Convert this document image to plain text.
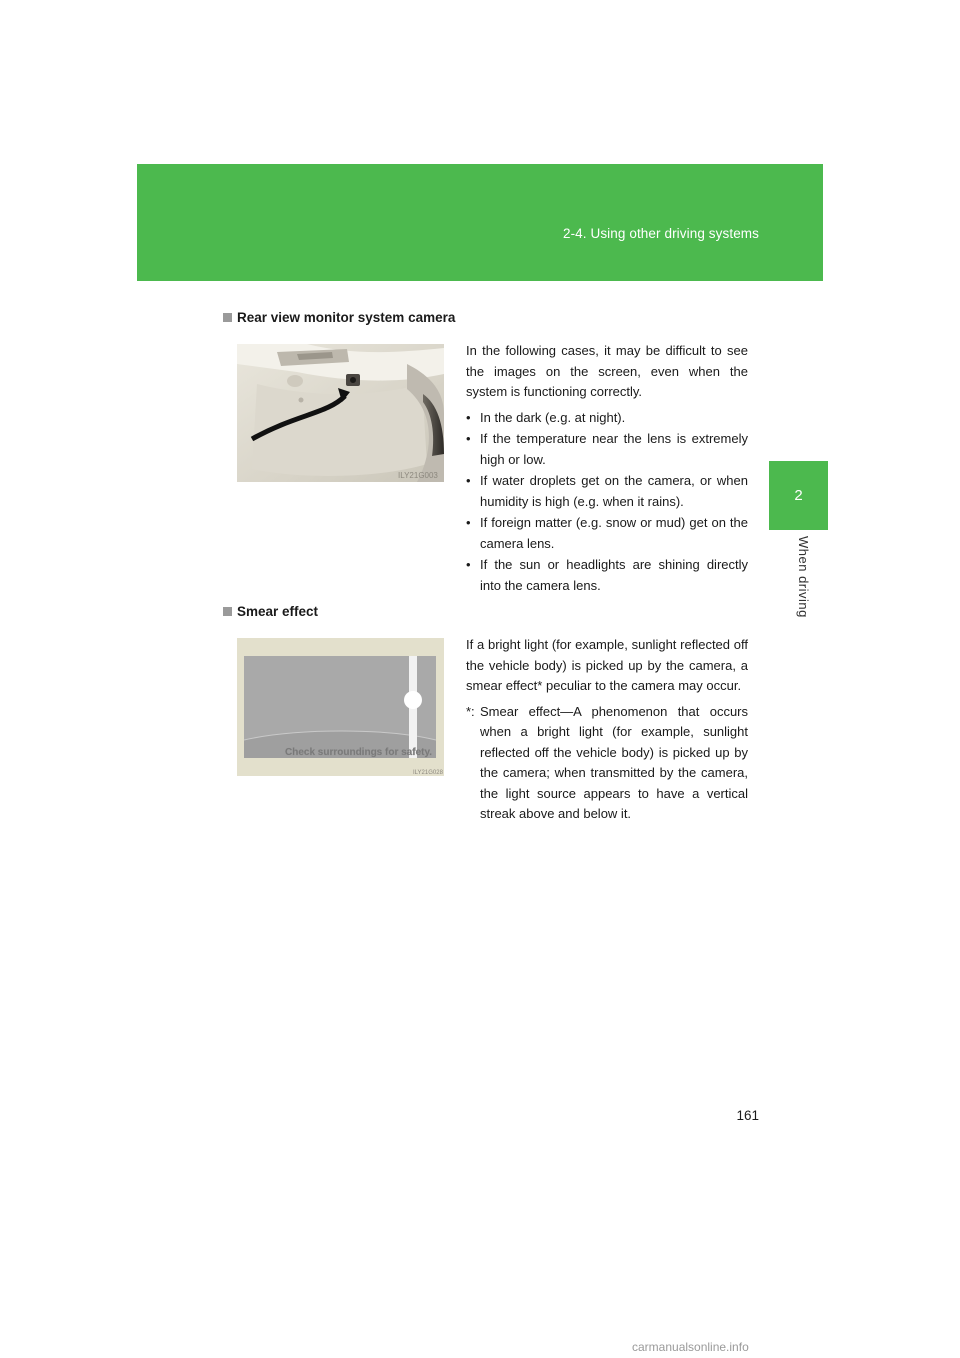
2-4. Using other driving systems
2
When driving
Rear view monitor system camera
ILY21G003

In the following cases, it may be difficult to see the images on the screen, even when the system is functioning correctly.

• In the dark (e.g. at night).
• If the temperature near the lens is extremely high or low.
• If water droplets get on the camera, or when humidity is high (e.g. when it rains).
• If foreign matter (e.g. snow or mud) get on the camera lens.
• If the sun or headlights are shining directly into the camera lens.
Smear effect
Check surroundings for safety.
ILY21G028

If a bright light (for example, sunlight reflected off the vehicle body) is picked up by the camera, a smear effect* peculiar to the camera may occur.

*: Smear effect—A phenomenon that occurs when a bright light (for example, sunlight reflected off the vehicle body) is picked up by the camera; when transmitted by the camera, the light source appears to have a vertical streak above and below it.
161
carmanualsonline.info
